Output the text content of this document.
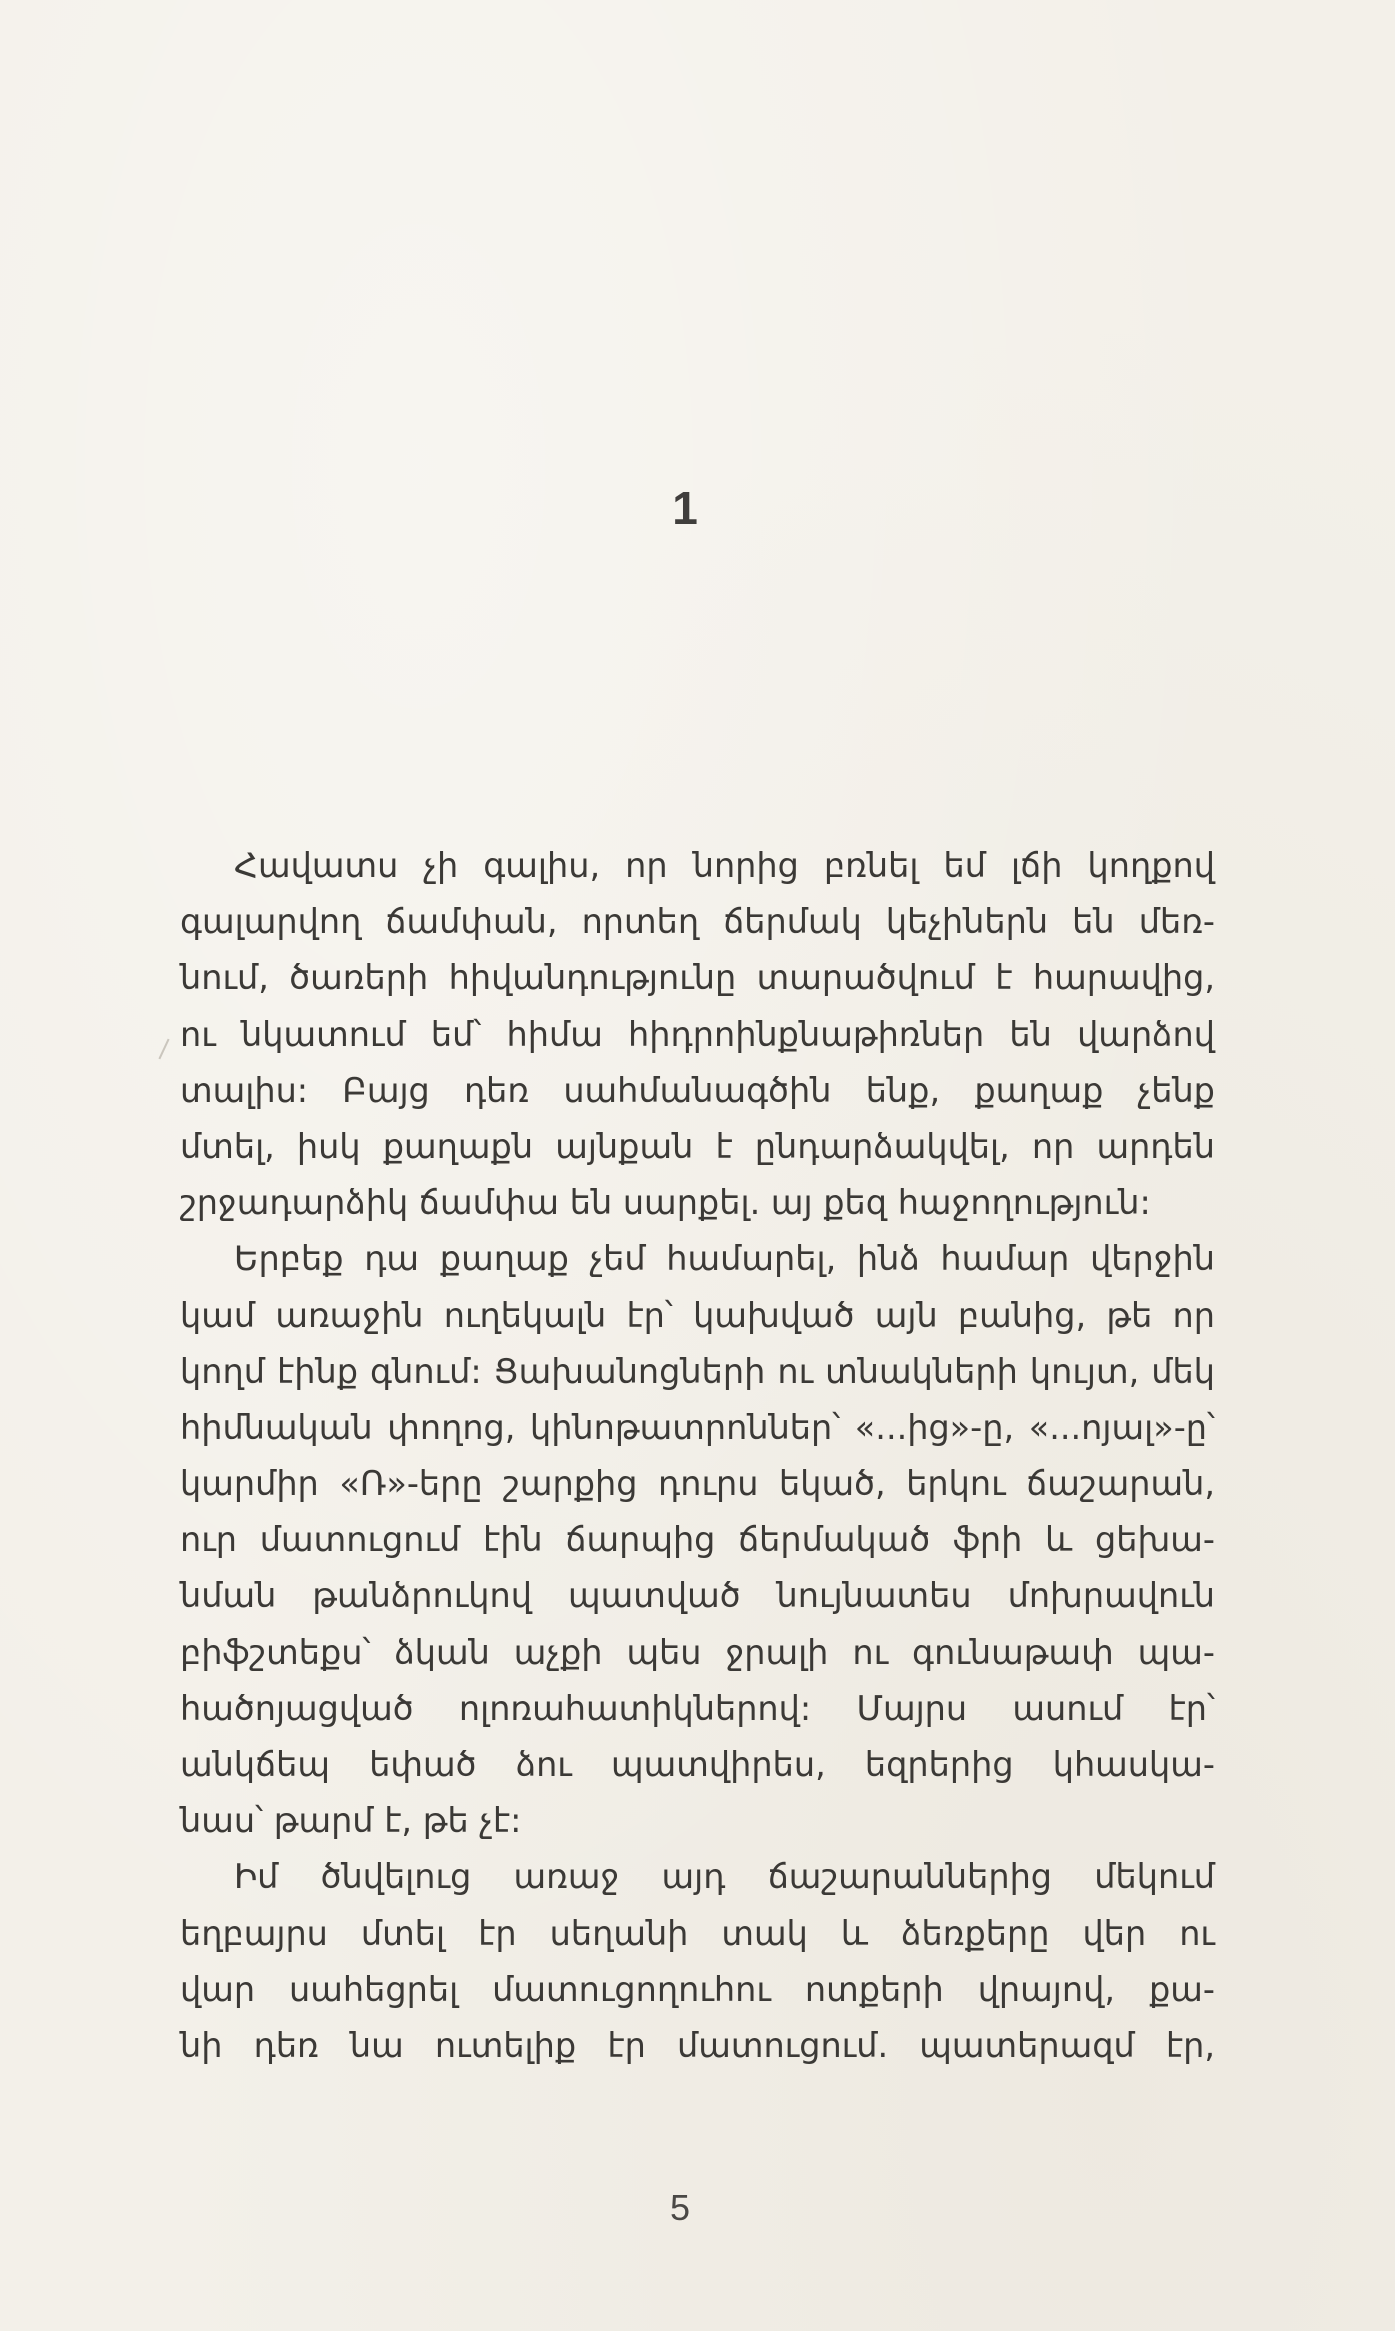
1
Հավատս չի գալիս, որ նորից բռնել եմ լճի կողքով
գալարվող ճամփան, որտեղ ճերմակ կեչիներն են մեռ-
նում, ծառերի հիվանդությունը տարածվում է հարավից,
ու նկատում եմ՝ հիմա հիդրոինքնաթիռներ են վարձով
տալիս: Բայց դեռ սահմանագծին ենք, քաղաք չենք
մտել, իսկ քաղաքն այնքան է ընդարձակվել, որ արդեն
շրջադարձիկ ճամփա են սարքել. այ քեզ հաջողություն:
Երբեք դա քաղաք չեմ համարել, ինձ համար վերջին
կամ առաջին ուղեկալն էր՝ կախված այն բանից, թե որ
կողմ էինք գնում: Ցախանոցների ու տնակների կույտ, մեկ
հիմնական փողոց, կինոթատրոններ՝ «...ից»-ը, «...ոյալ»-ը՝
կարմիր «Ռ»-երը շարքից դուրս եկած, երկու ճաշարան,
ուր մատուցում էին ճարպից ճերմակած ֆրի և ցեխա-
նման թանձրուկով պատված նույնատես մոխրավուն
բիֆշտեքս՝ ձկան աչքի պես ջրալի ու գունաթափ պա-
հածոյացված ոլոռահատիկներով: Մայրս ասում էր՝
անկճեպ եփած ձու պատվիրես, եզրերից կհասկա-
նաս՝ թարմ է, թե չէ:
Իմ ծնվելուց առաջ այդ ճաշարաններից մեկում
եղբայրս մտել էր սեղանի տակ և ձեռքերը վեր ու
վար սահեցրել մատուցողուհու ոտքերի վրայով, քա-
նի դեռ նա ուտելիք էր մատուցում. պատերազմ էր,
5
